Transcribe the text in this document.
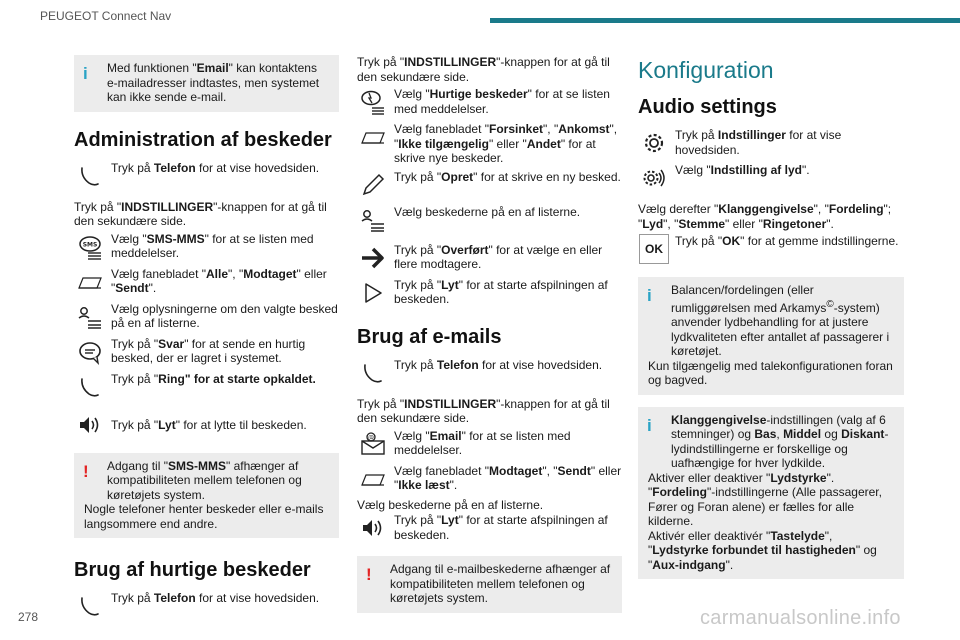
PEUGEOT Connect Nav
i	Med funktionen "Email" kan kontaktens e-mailadresser indtastes, men systemet kan ikke sende e-mail.
Administration af beskeder
Tryk på Telefon for at vise hovedsiden.
Tryk på "INDSTILLINGER"-knappen for at gå til den sekundære side.
Vælg "SMS-MMS" for at se listen med meddelelser.
Vælg fanebladet "Alle", "Modtaget" eller "Sendt".
Vælg oplysningerne om den valgte besked på en af listerne.
Tryk på "Svar" for at sende en hurtig besked, der er lagret i systemet.
Tryk på "Ring" for at starte opkaldet.
Tryk på "Lyt" for at lytte til beskeden.
!	Adgang til "SMS-MMS" afhænger af kompatibiliteten mellem telefonen og køretøjets system.
Nogle telefoner henter beskeder eller e-mails langsommere end andre.
Brug af hurtige beskeder
Tryk på Telefon for at vise hovedsiden.
Tryk på "INDSTILLINGER"-knappen for at gå til den sekundære side.
Vælg "Hurtige beskeder" for at se listen med meddelelser.
Vælg fanebladet "Forsinket", "Ankomst", "Ikke tilgængelig" eller "Andet" for at skrive nye beskeder.
Tryk på "Opret" for at skrive en ny besked.
Vælg beskederne på en af listerne.
Tryk på "Overført" for at vælge en eller flere modtagere.
Tryk på "Lyt" for at starte afspilningen af beskeden.
Brug af e-mails
Tryk på Telefon for at vise hovedsiden.
Tryk på "INDSTILLINGER"-knappen for at gå til den sekundære side.
Vælg "Email" for at se listen med meddelelser.
Vælg fanebladet "Modtaget", "Sendt" eller "Ikke læst".
Vælg beskederne på en af listerne.
Tryk på "Lyt" for at starte afspilningen af beskeden.
!	Adgang til e-mailbeskederne afhænger af kompatibiliteten mellem telefonen og køretøjets system.
Konfiguration
Audio settings
Tryk på Indstillinger for at vise hovedsiden.
Vælg "Indstilling af lyd".
Vælg derefter "Klanggengivelse", "Fordeling"; "Lyd", "Stemme" eller "Ringetoner".
OK
Tryk på "OK" for at gemme indstillingerne.
i	Balancen/fordelingen (eller rumliggørelsen med Arkamys©-system) anvender lydbehandling for at justere lydkvaliteten efter antallet af passagerer i køretøjet.
Kun tilgængelig med talekonfigurationen foran og bagved.
i	Klanggengivelse-indstillingen (valg af 6 stemninger) og Bas, Middel og Diskant-lydindstillingerne er forskellige og uafhængige for hver lydkilde.
Aktiver eller deaktiver "Lydstyrke".
"Fordeling"-indstillingerne (Alle passagerer, Fører og Foran alene) er fælles for alle kilderne.
Aktivér eller deaktivér "Tastelyde",
"Lydstyrke forbundet til hastigheden" og
"Aux-indgang".
278	carmanualsonline.info
